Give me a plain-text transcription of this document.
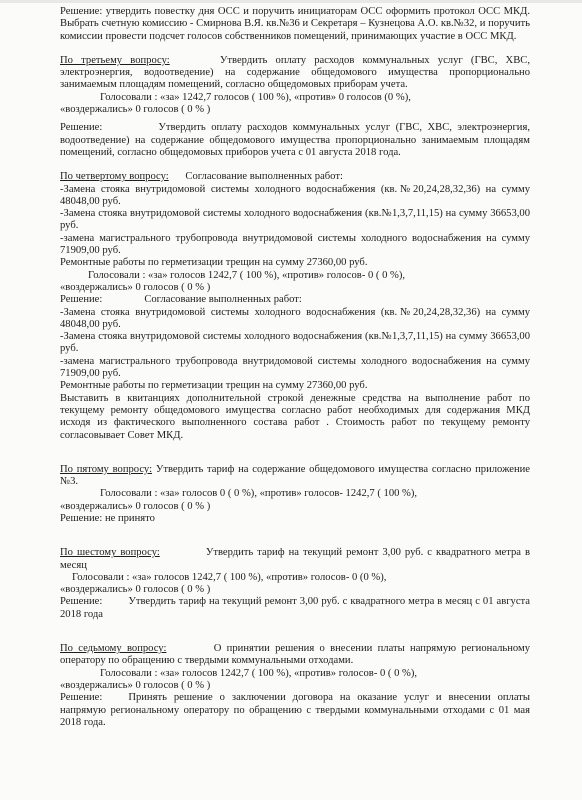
Решение: утвердить повестку дня ОСС и поручить инициаторам ОСС оформить протокол ОСС МКД. Выбрать счетную комиссию - Смирнова В.Я. кв.№36 и Секретаря – Кузнецова А.О. кв.№32, и поручить комиссии провести подсчет голосов собственников помещений, принимающих участие в ОСС МКД.

По третьему вопросу:	Утвердить оплату расходов коммунальных услуг (ГВС, ХВС, электроэнергия, водоотведение) на содержание общедомового имущества пропорционально занимаемым площадям помещений, согласно общедомовых приборам учета.

Голосовали : «за» 1242,7 голосов ( 100 %), «против» 0 голосов (0 %),

«воздержались» 0 голосов ( 0 % )

Решение:	Утвердить оплату расходов коммунальных услуг (ГВС, ХВС, электроэнергия, водоотведение) на содержание общедомового имущества пропорционально занимаемым площадям помещений, согласно общедомовых приборов учета с 01 августа 2018 года.

По четвертому вопросу: Согласование выполненных работ:

-Замена стояка внутридомовой системы холодного водоснабжения (кв.№20,24,28,32,36) на сумму 48048,00 руб.

-Замена стояка внутридомовой системы холодного водоснабжения (кв.№1,3,7,11,15) на сумму 36653,00 руб.

-замена магистрального трубопровода внутридомовой системы холодного водоснабжения на сумму 71909,00 руб.

Ремонтные работы по герметизации трещин на сумму 27360,00 руб.

Голосовали : «за» голосов 1242,7 ( 100 %), «против» голосов- 0 ( 0 %),

«воздержались» 0 голосов ( 0 % )

Решение:	Согласование выполненных работ:

-Замена стояка внутридомовой системы холодного водоснабжения (кв.№20,24,28,32,36) на сумму 48048,00 руб.

-Замена стояка внутридомовой системы холодного водоснабжения (кв.№1,3,7,11,15) на сумму 36653,00 руб.

-замена магистрального трубопровода внутридомовой системы холодного водоснабжения на сумму 71909,00 руб.

Ремонтные работы по герметизации трещин на сумму 27360,00 руб.

Выставить в квитанциях дополнительной строкой денежные средства на выполнение работ по текущему ремонту общедомового имущества согласно работ необходимых для содержания МКД исходя из фактического выполненного состава работ . Стоимость работ по текущему ремонту согласовывает Совет МКД.

По пятому вопросу: Утвердить тариф на содержание общедомового имущества согласно приложение №3.

Голосовали : «за» голосов 0 ( 0 %), «против» голосов- 1242,7 ( 100 %),

«воздержались» 0 голосов ( 0 % )

Решение: не принято

По шестому вопросу:	Утвердить тариф на текущий ремонт 3,00 руб. с квадратного метра в месяц

Голосовали : «за» голосов 1242,7 ( 100 %), «против» голосов- 0 (0 %),

«воздержались» 0 голосов ( 0 % )

Решение: Утвердить тариф на текущий ремонт 3,00 руб. с квадратного метра в месяц с 01 августа 2018 года

По седьмому вопросу:	О принятии решения о внесении платы напрямую региональному оператору по обращению с твердыми коммунальными отходами.

Голосовали : «за» голосов 1242,7 ( 100 %), «против» голосов- 0 ( 0 %),

«воздержались» 0 голосов ( 0 % )

Решение: Принять решение о заключении договора на оказание услуг и внесении оплаты напрямую региональному оператору по обращению с твердыми коммунальными отходами с 01 мая 2018 года.
